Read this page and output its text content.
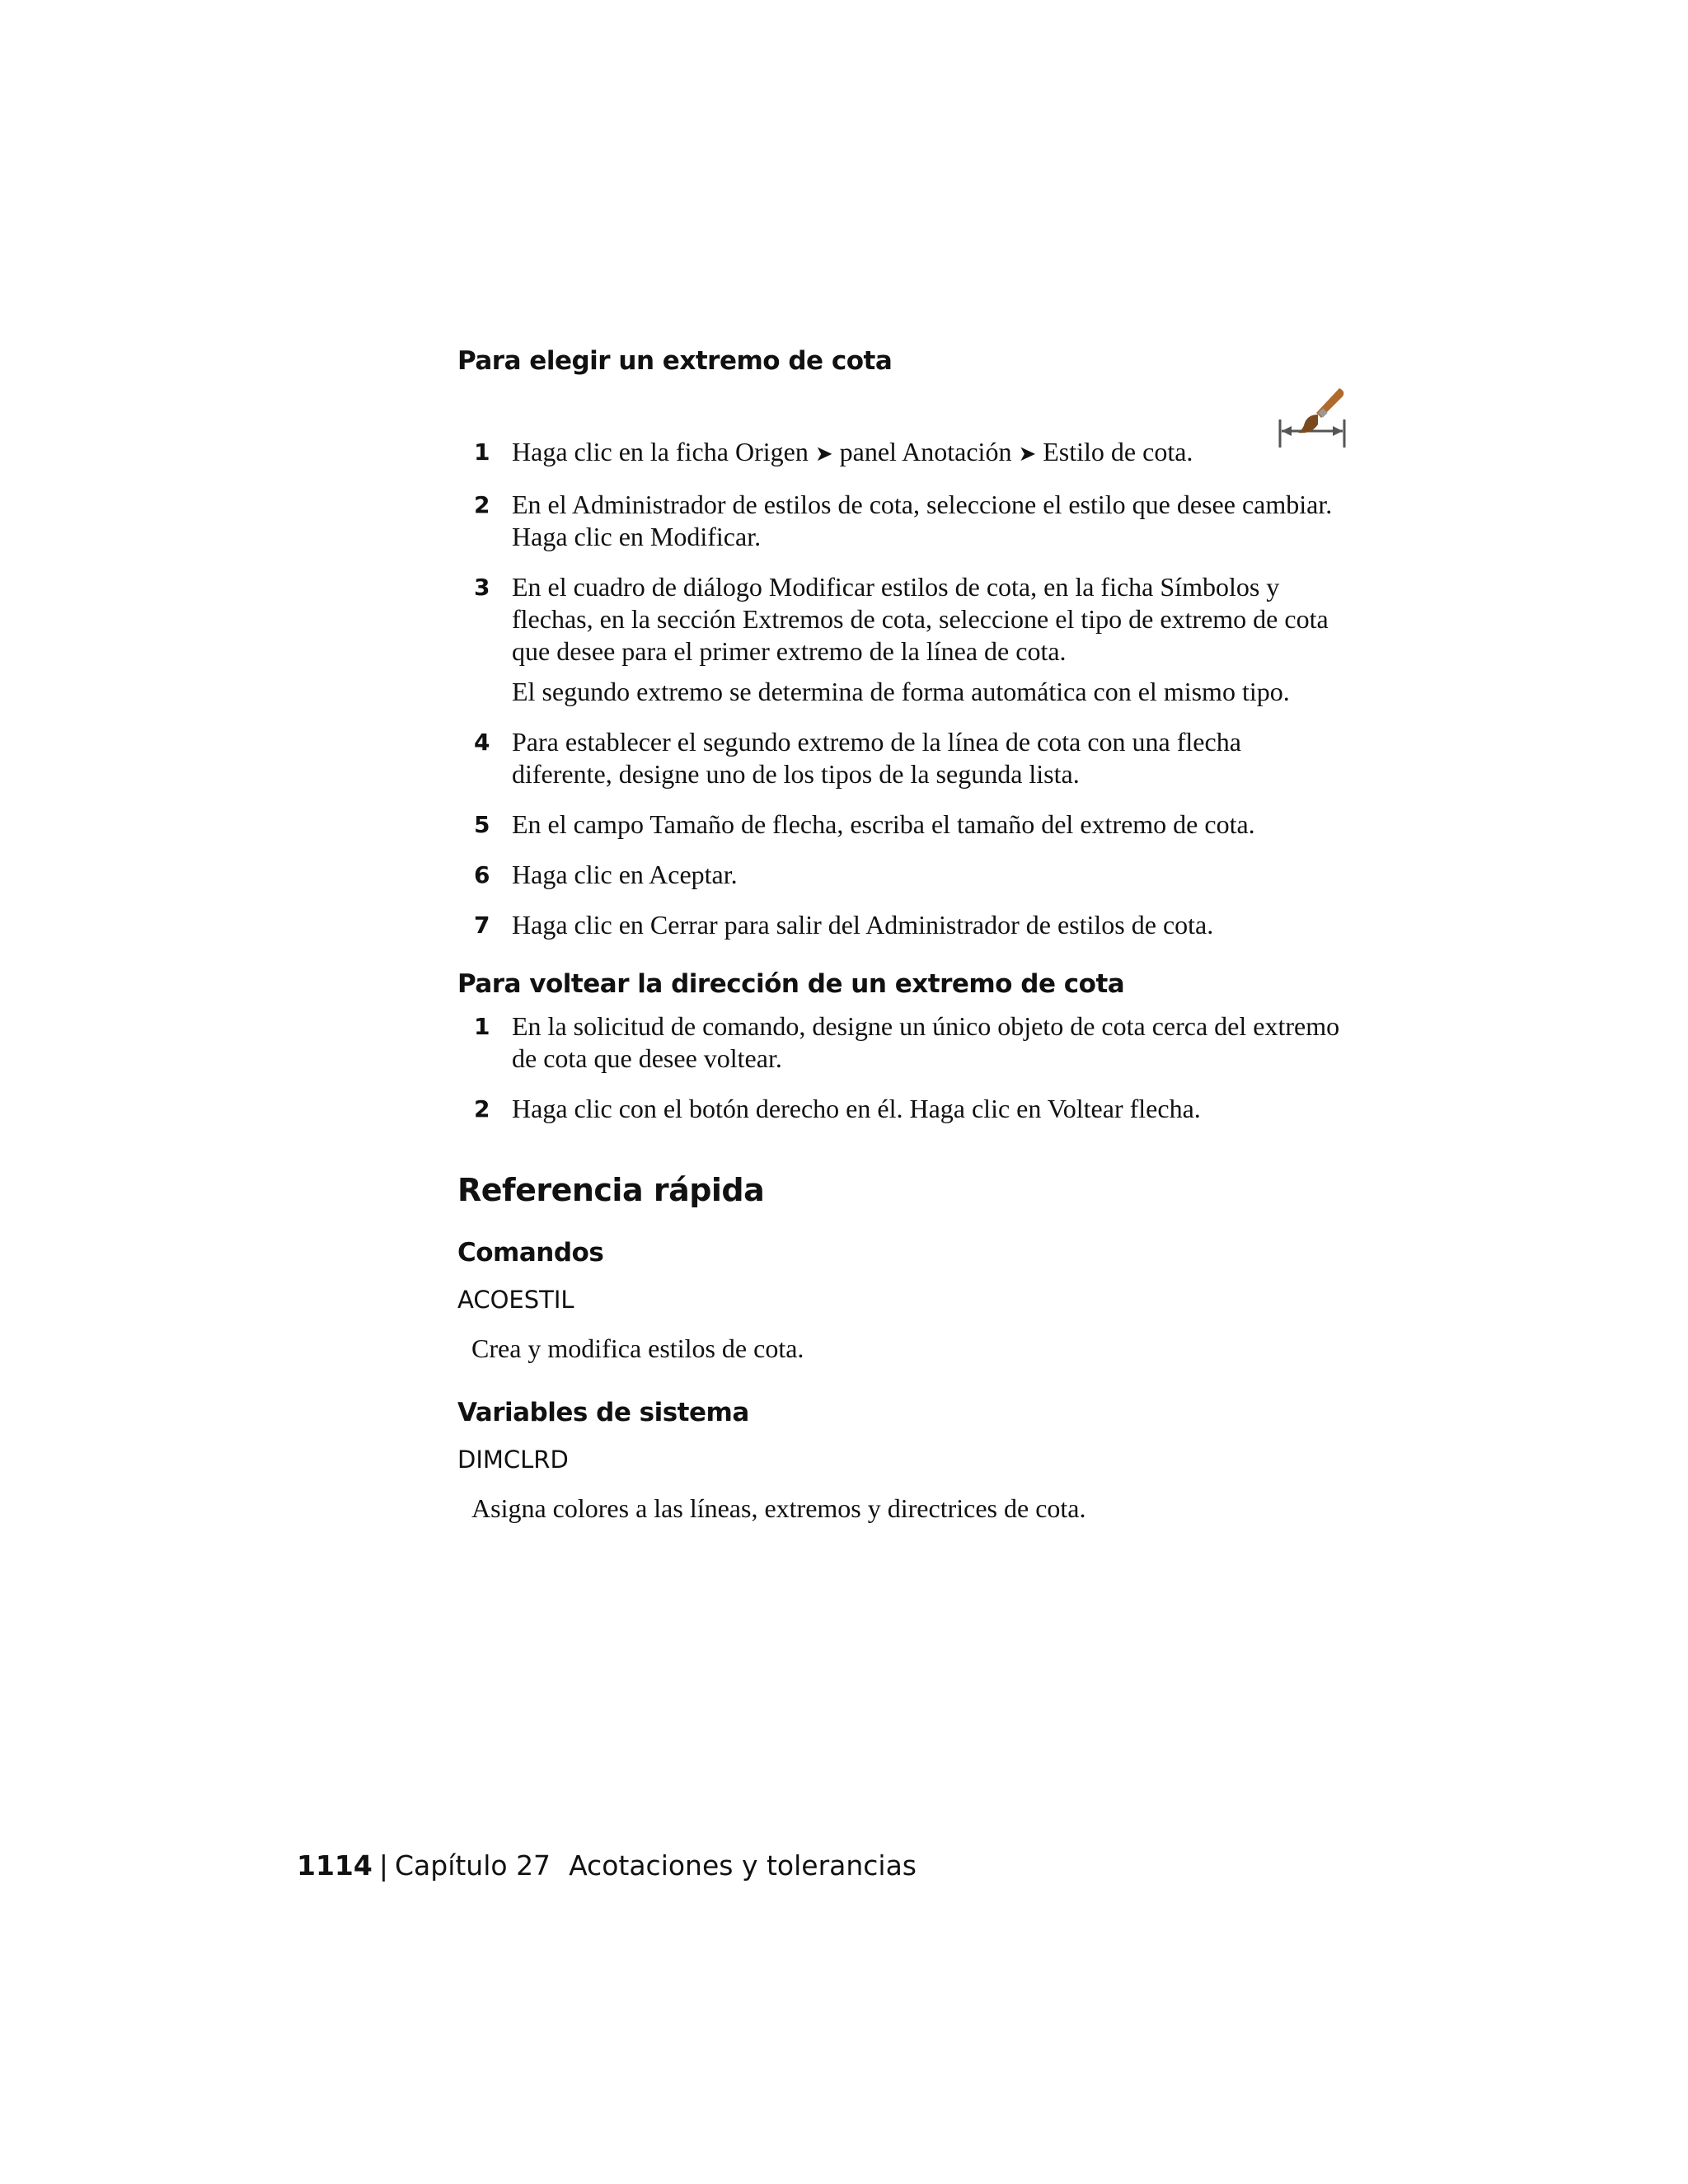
Para elegir un extremo de cota
1 Haga clic en la ficha Origen ➤ panel Anotación ➤ Estilo de cota.
2 En el Administrador de estilos de cota, seleccione el estilo que desee cambiar. Haga clic en Modificar.
3 En el cuadro de diálogo Modificar estilos de cota, en la ficha Símbolos y flechas, en la sección Extremos de cota, seleccione el tipo de extremo de cota que desee para el primer extremo de la línea de cota.
El segundo extremo se determina de forma automática con el mismo tipo.
4 Para establecer el segundo extremo de la línea de cota con una flecha diferente, designe uno de los tipos de la segunda lista.
5 En el campo Tamaño de flecha, escriba el tamaño del extremo de cota.
6 Haga clic en Aceptar.
7 Haga clic en Cerrar para salir del Administrador de estilos de cota.
Para voltear la dirección de un extremo de cota
1 En la solicitud de comando, designe un único objeto de cota cerca del extremo de cota que desee voltear.
2 Haga clic con el botón derecho en él. Haga clic en Voltear flecha.
Referencia rápida
Comandos

ACOESTIL

Crea y modifica estilos de cota.

Variables de sistema

DIMCLRD

Asigna colores a las líneas, extremos y directrices de cota.

1114 | Capítulo 27 Acotaciones y tolerancias
